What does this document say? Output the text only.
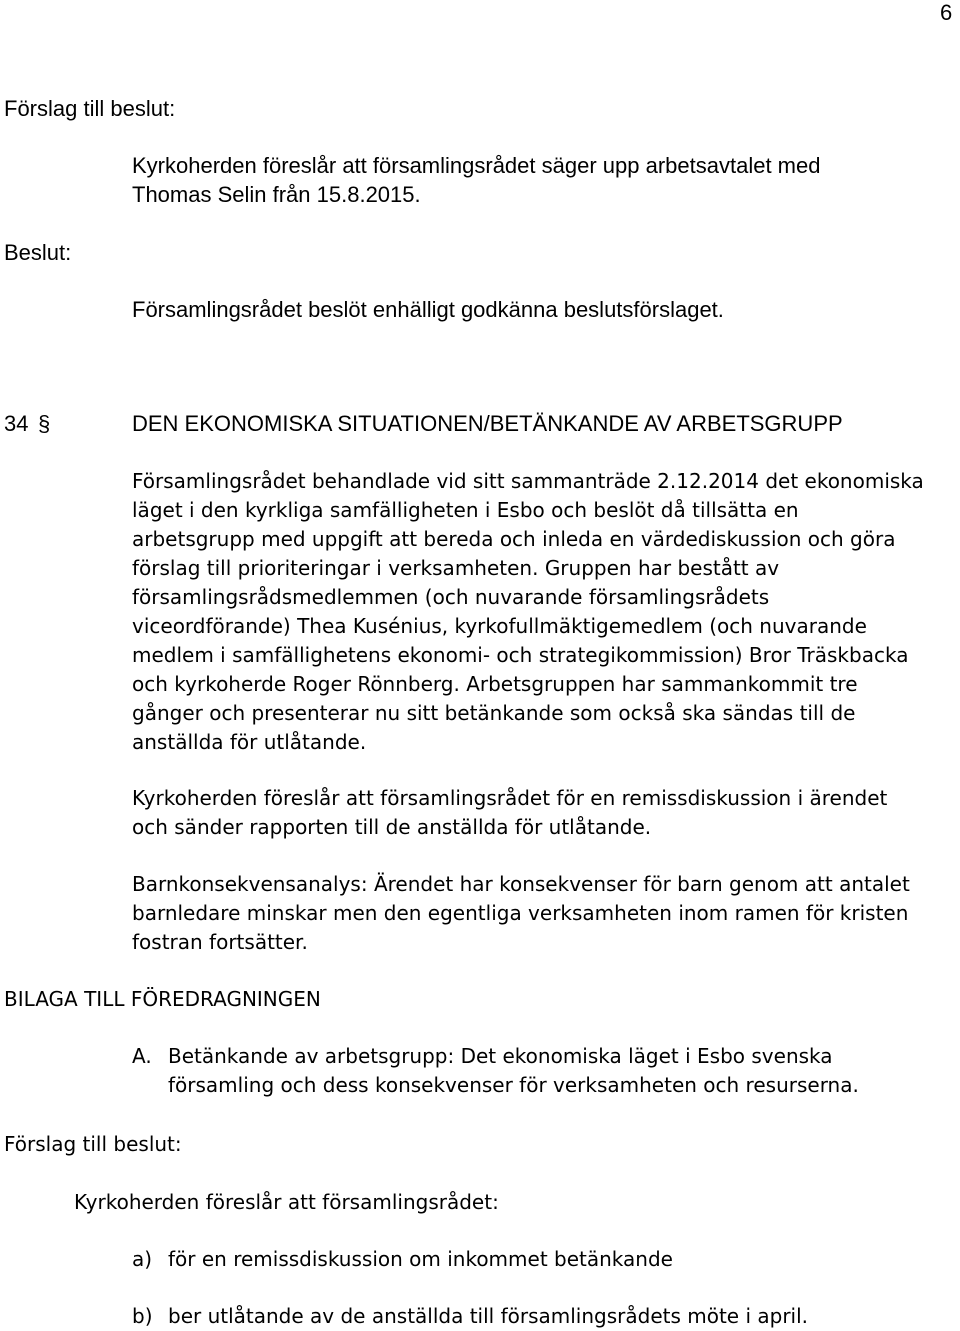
6
Förslag till beslut:
Kyrkoherden föreslår att församlingsrådet säger upp arbetsavtalet med
Thomas Selin från 15.8.2015.
Beslut:
Församlingsrådet beslöt enhälligt godkänna beslutsförslaget.
34 §	DEN EKONOMISKA SITUATIONEN/BETÄNKANDE AV ARBETSGRUPP
Församlingsrådet behandlade vid sitt sammanträde 2.12.2014 det ekonomiska
läget i den kyrkliga samfälligheten i Esbo och beslöt då tillsätta en
arbetsgrupp med uppgift att bereda och inleda en värdediskussion och göra
förslag till prioriteringar i verksamheten. Gruppen har bestått av
församlingsrådsmedlemmen (och nuvarande församlingsrådets
viceordförande) Thea Kusénius, kyrkofullmäktigemedlem (och nuvarande
medlem i samfällighetens ekonomi- och strategikommission) Bror Träskbacka
och kyrkoherde Roger Rönnberg. Arbetsgruppen har sammankommit tre
gånger och presenterar nu sitt betänkande som också ska sändas till de
anställda för utlåtande.
Kyrkoherden föreslår att församlingsrådet för en remissdiskussion i ärendet
och sänder rapporten till de anställda för utlåtande.
Barnkonsekvensanalys: Ärendet har konsekvenser för barn genom att antalet
barnledare minskar men den egentliga verksamheten inom ramen för kristen
fostran fortsätter.
BILAGA TILL FÖREDRAGNINGEN
A. Betänkande av arbetsgrupp: Det ekonomiska läget i Esbo svenska
församling och dess konsekvenser för verksamheten och resurserna.
Förslag till beslut:
Kyrkoherden föreslår att församlingsrådet:
a) för en remissdiskussion om inkommet betänkande
b) ber utlåtande av de anställda till församlingsrådets möte i april.
